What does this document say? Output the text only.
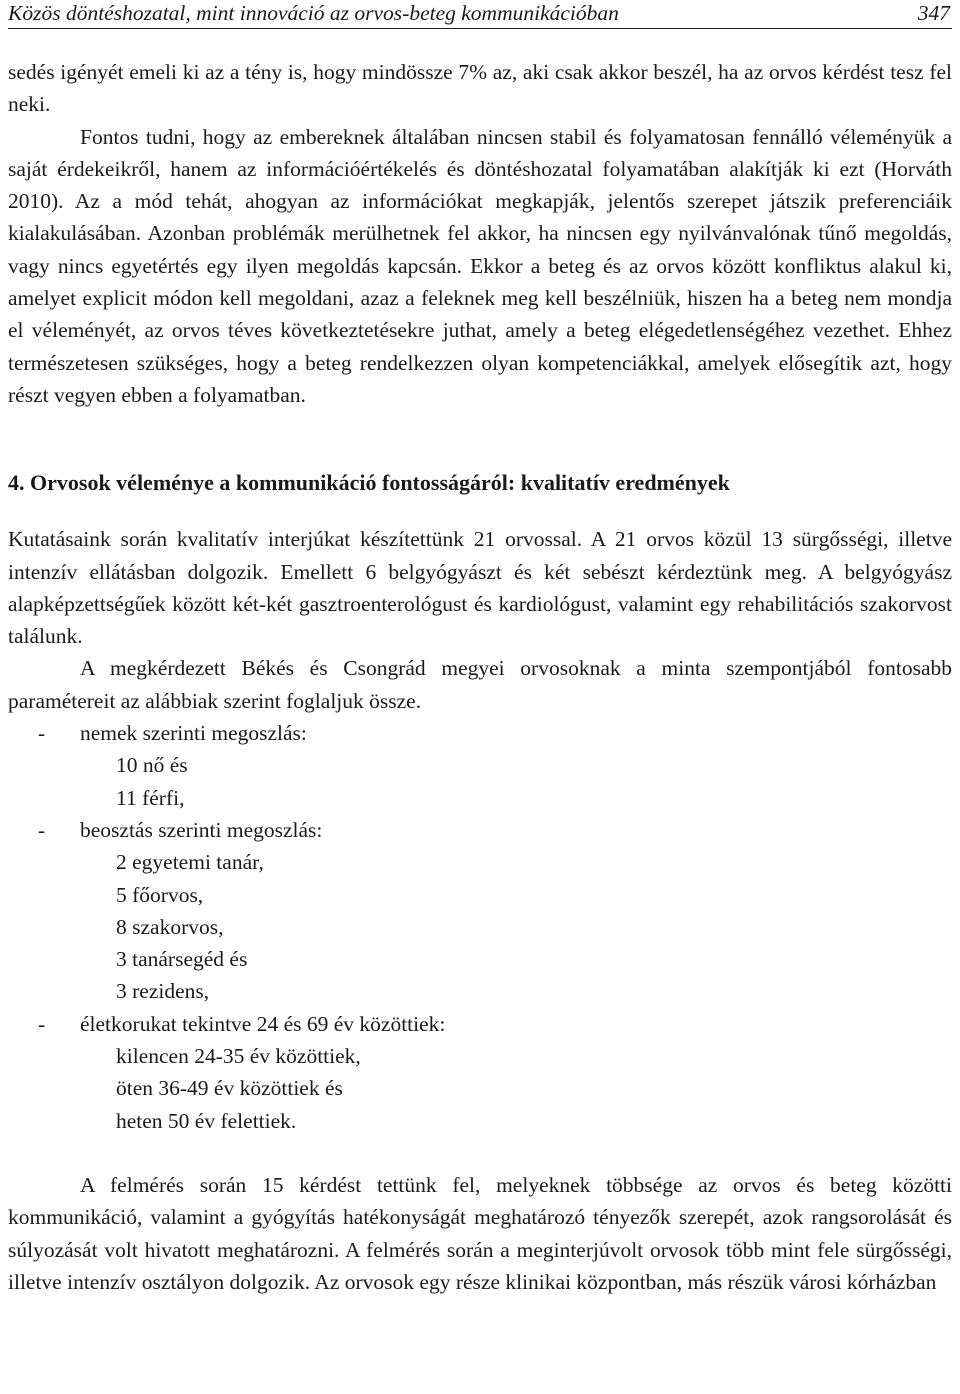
Közös döntéshozatal, mint innováció az orvos-beteg kommunikációban	347

sedés igényét emeli ki az a tény is, hogy mindössze 7% az, aki csak akkor beszél, ha az orvos kérdést tesz fel neki.

Fontos tudni, hogy az embereknek általában nincsen stabil és folyamatosan fennálló véleményük a saját érdekeikről, hanem az információértékelés és döntéshozatal folyamatában alakítják ki ezt (Horváth 2010). Az a mód tehát, ahogyan az információkat megkapják, jelentős szerepet játszik preferenciáik kialakulásában. Azonban problémák merülhetnek fel akkor, ha nincsen egy nyilvánvalónak tűnő megoldás, vagy nincs egyetértés egy ilyen megoldás kapcsán. Ekkor a beteg és az orvos között konfliktus alakul ki, amelyet explicit módon kell megoldani, azaz a feleknek meg kell beszélniük, hiszen ha a beteg nem mondja el véleményét, az orvos téves következtetésekre juthat, amely a beteg elégedetlenségéhez vezethet. Ehhez természetesen szükséges, hogy a beteg rendelkezzen olyan kompetenciákkal, amelyek elősegítik azt, hogy részt vegyen ebben a folyamatban.

4. Orvosok véleménye a kommunikáció fontosságáról: kvalitatív eredmények

Kutatásaink során kvalitatív interjúkat készítettünk 21 orvossal. A 21 orvos közül 13 sürgősségi, illetve intenzív ellátásban dolgozik. Emellett 6 belgyógyászt és két sebészt kérdeztünk meg. A belgyógyász alapképzettségűek között két-két gasztroenterológust és kardiológust, valamint egy rehabilitációs szakorvost találunk.

A megkérdezett Békés és Csongrád megyei orvosoknak a minta szempontjából fontosabb paramétereit az alábbiak szerint foglaljuk össze.

- nemek szerinti megoszlás:
10 nő és
11 férfi,
- beosztás szerinti megoszlás:
2 egyetemi tanár,
5 főorvos,
8 szakorvos,
3 tanársegéd és
3 rezidens,
- életkorukat tekintve 24 és 69 év közöttiek:
kilencen 24-35 év közöttiek,
öten 36-49 év közöttiek és
heten 50 év felettiek.

A felmérés során 15 kérdést tettünk fel, melyeknek többsége az orvos és beteg közötti kommunikáció, valamint a gyógyítás hatékonyságát meghatározó tényezők szerepét, azok rangsorolását és súlyozását volt hivatott meghatározni. A felmérés során a meginterjúvolt orvosok több mint fele sürgősségi, illetve intenzív osztályon dolgozik. Az orvosok egy része klinikai központban, más részük városi kórházban
